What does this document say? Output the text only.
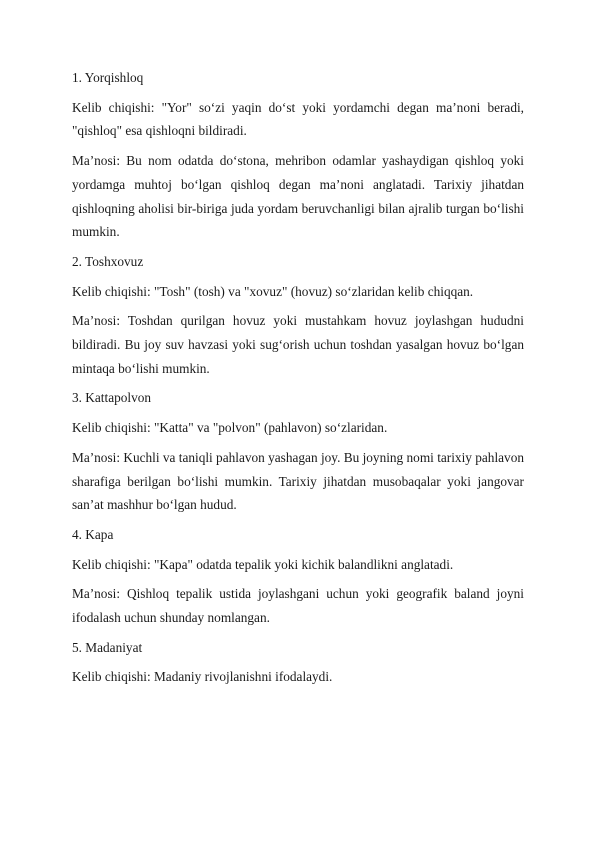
1. Yorqishloq

Kelib chiqishi: "Yor" so‘zi yaqin do‘st yoki yordamchi degan ma’noni beradi, "qishloq" esa qishloqni bildiradi.

Ma’nosi: Bu nom odatda do‘stona, mehribon odamlar yashaydigan qishloq yoki yordamga muhtoj bo‘lgan qishloq degan ma’noni anglatadi. Tarixiy jihatdan qishloqning aholisi bir-biriga juda yordam beruvchanligi bilan ajralib turgan bo‘lishi mumkin.

2. Toshxovuz

Kelib chiqishi: "Tosh" (tosh) va "xovuz" (hovuz) so‘zlaridan kelib chiqqan.

Ma’nosi: Toshdan qurilgan hovuz yoki mustahkam hovuz joylashgan hududni bildiradi. Bu joy suv havzasi yoki sug‘orish uchun toshdan yasalgan hovuz bo‘lgan mintaqa bo‘lishi mumkin.

3. Kattapolvon

Kelib chiqishi: "Katta" va "polvon" (pahlavon) so‘zlaridan.

Ma’nosi: Kuchli va taniqli pahlavon yashagan joy. Bu joyning nomi tarixiy pahlavon sharafiga berilgan bo‘lishi mumkin. Tarixiy jihatdan musobaqalar yoki jangovar san’at mashhur bo‘lgan hudud.

4. Kapa

Kelib chiqishi: "Kapa" odatda tepalik yoki kichik balandlikni anglatadi.

Ma’nosi: Qishloq tepalik ustida joylashgani uchun yoki geografik baland joyni ifodalash uchun shunday nomlangan.

5. Madaniyat

Kelib chiqishi: Madaniy rivojlanishni ifodalaydi.
